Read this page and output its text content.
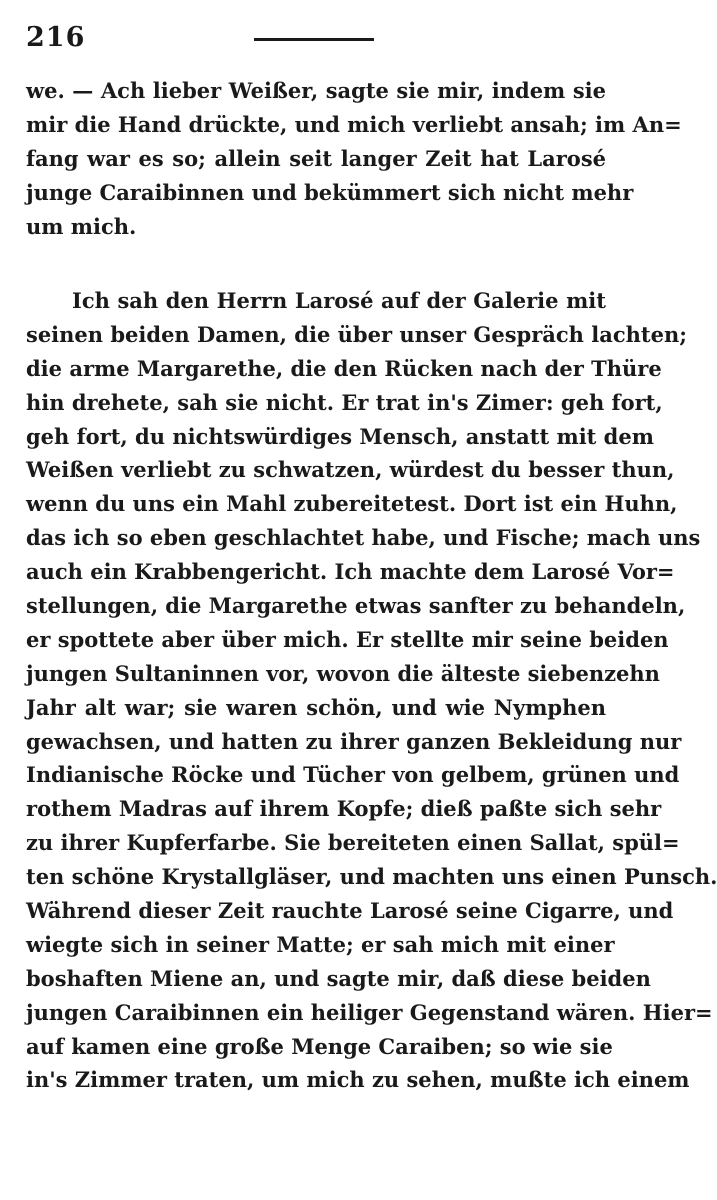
216
we. — Ach lieber Weißer, sagte sie mir, indem sie
mir die Hand drückte, und mich verliebt ansah; im An=
fang war es so; allein seit langer Zeit hat Larosé
junge Caraibinnen und bekümmert sich nicht mehr
um mich.
Ich sah den Herrn Larosé auf der Galerie mit
seinen beiden Damen, die über unser Gespräch lachten;
die arme Margarethe, die den Rücken nach der Thüre
hin drehete, sah sie nicht. Er trat in's Zimer: geh fort,
geh fort, du nichtswürdiges Mensch, anstatt mit dem
Weißen verliebt zu schwatzen, würdest du besser thun,
wenn du uns ein Mahl zubereitetest. Dort ist ein Huhn,
das ich so eben geschlachtet habe, und Fische; mach uns
auch ein Krabbengericht. Ich machte dem Larosé Vor=
stellungen, die Margarethe etwas sanfter zu behandeln,
er spottete aber über mich. Er stellte mir seine beiden
jungen Sultaninnen vor, wovon die älteste siebenzehn
Jahr alt war; sie waren schön, und wie Nymphen
gewachsen, und hatten zu ihrer ganzen Bekleidung nur
Indianische Röcke und Tücher von gelbem, grünen und
rothem Madras auf ihrem Kopfe; dieß paßte sich sehr
zu ihrer Kupferfarbe. Sie bereiteten einen Sallat, spül=
ten schöne Krystallgläser, und machten uns einen Punsch.
Während dieser Zeit rauchte Larosé seine Cigarre, und
wiegte sich in seiner Matte; er sah mich mit einer
boshaften Miene an, und sagte mir, daß diese beiden
jungen Caraibinnen ein heiliger Gegenstand wären. Hier=
auf kamen eine große Menge Caraiben; so wie sie
in's Zimmer traten, um mich zu sehen, mußte ich einem
